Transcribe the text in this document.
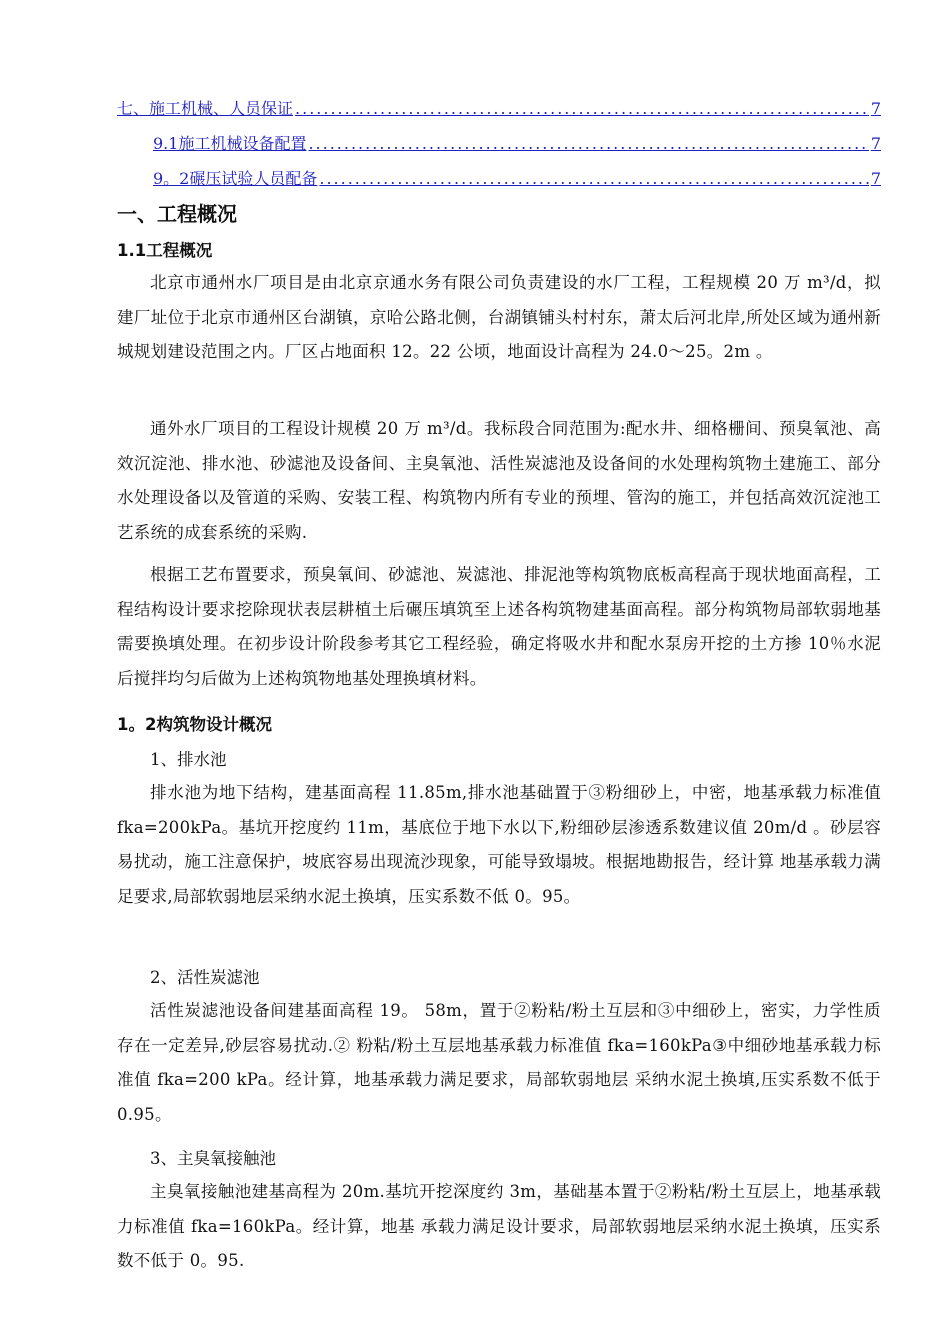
七、施工机械、人员保证 .....	7
9.1施工机械设备配置 .....	7
9。2碾压试验人员配备 .....	7
一、工程概况
1.1工程概况

北京市通州水厂项目是由北京京通水务有限公司负责建设的水厂工程，工程规模 20 万 m³/d，拟建厂址位于北京市通州区台湖镇，京哈公路北侧，台湖镇铺头村村东，萧太后河北岸,所处区域为通州新城规划建设范围之内。厂区占地面积 12。22 公顷，地面设计高程为 24.0～25。2m 。

通外水厂项目的工程设计规模 20 万 m³/d。我标段合同范围为:配水井、细格栅间、预臭氧池、高效沉淀池、排水池、砂滤池及设备间、主臭氧池、活性炭滤池及设备间的水处理构筑物土建施工、部分水处理设备以及管道的采购、安装工程、构筑物内所有专业的预埋、管沟的施工，并包括高效沉淀池工艺系统的成套系统的采购.

根据工艺布置要求，预臭氧间、砂滤池、炭滤池、排泥池等构筑物底板高程高于现状地面高程，工程结构设计要求挖除现状表层耕植土后碾压填筑至上述各构筑物建基面高程。部分构筑物局部软弱地基需要换填处理。在初步设计阶段参考其它工程经验，确定将吸水井和配水泵房开挖的土方掺 10％水泥后搅拌均匀后做为上述构筑物地基处理换填材料。

1。2构筑物设计概况

1、排水池

排水池为地下结构，建基面高程 11.85m,排水池基础置于③粉细砂上，中密，地基承载力标准值 fka=200kPa。基坑开挖度约 11m，基底位于地下水以下,粉细砂层渗透系数建议值 20m/d 。砂层容 易扰动，施工注意保护，坡底容易出现流沙现象，可能导致塌坡。根据地勘报告，经计算 地基承载力满足要求,局部软弱地层采纳水泥土换填，压实系数不低 0。95。

2、活性炭滤池

活性炭滤池设备间建基面高程 19。 58m，置于②粉粘/粉土互层和③中细砂上，密实，力学性质存在一定差异,砂层容易扰动.② 粉粘/粉土互层地基承载力标准值 fka=160kPa③中细砂地基承载力标准值 fka=200 kPa。经计算，地基承载力满足要求，局部软弱地层 采纳水泥土换填,压实系数不低于 0.95。

3、主臭氧接触池

主臭氧接触池建基高程为 20m.基坑开挖深度约 3m，基础基本置于②粉粘/粉土互层上，地基承载力标准值 fka=160kPa。经计算，地基 承载力满足设计要求，局部软弱地层采纳水泥土换填，压实系数不低于 0。95.
